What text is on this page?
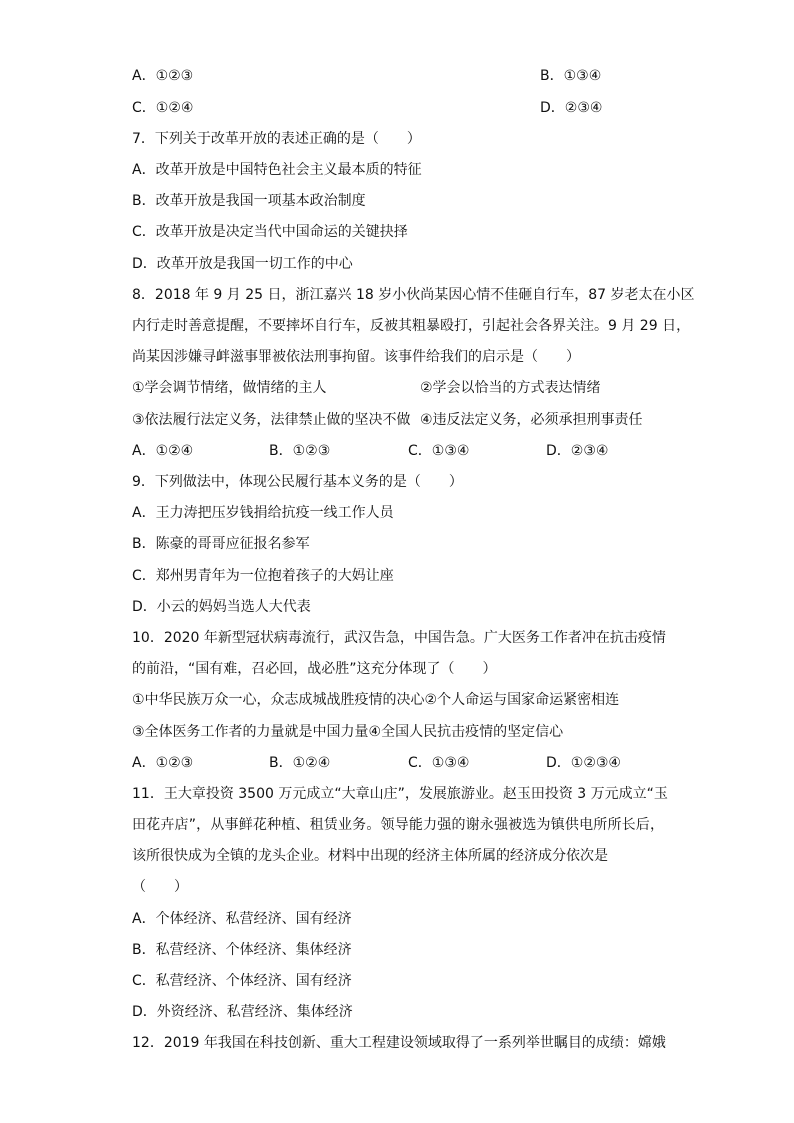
A．①②③	B．①③④
C．①②④	D．②③④
7．下列关于改革开放的表述正确的是（　　）
A．改革开放是中国特色社会主义最本质的特征
B．改革开放是我国一项基本政治制度
C．改革开放是决定当代中国命运的关键抉择
D．改革开放是我国一切工作的中心
8．2018 年 9 月 25 日，浙江嘉兴 18 岁小伙尚某因心情不佳砸自行车，87 岁老太在小区
内行走时善意提醒，不要摔坏自行车，反被其粗暴殴打，引起社会各界关注。9 月 29 日，
尚某因涉嫌寻衅滋事罪被依法刑事拘留。该事件给我们的启示是（　　）
①学会调节情绪，做情绪的主人	②学会以恰当的方式表达情绪
③依法履行法定义务，法律禁止做的坚决不做 ④违反法定义务，必须承担刑事责任
A．①②④	B．①②③	C．①③④	D．②③④
9．下列做法中，体现公民履行基本义务的是（　　）
A．王力涛把压岁钱捐给抗疫一线工作人员
B．陈豪的哥哥应征报名参军
C．郑州男青年为一位抱着孩子的大妈让座
D．小云的妈妈当选人大代表
10．2020 年新型冠状病毒流行，武汉告急，中国告急。广大医务工作者冲在抗击疫情
的前沿，“国有难，召必回，战必胜”这充分体现了（　　）
①中华民族万众一心，众志成城战胜疫情的决心②个人命运与国家命运紧密相连
③全体医务工作者的力量就是中国力量④全国人民抗击疫情的坚定信心
A．①②③	B．①②④	C．①③④	D．①②③④
11．王大章投资 3500 万元成立“大章山庄”，发展旅游业。赵玉田投资 3 万元成立“玉
田花卉店”，从事鲜花种植、租赁业务。领导能力强的谢永强被选为镇供电所所长后，
该所很快成为全镇的龙头企业。材料中出现的经济主体所属的经济成分依次是
（　　）
A．个体经济、私营经济、国有经济
B．私营经济、个体经济、集体经济
C．私营经济、个体经济、国有经济
D．外资经济、私营经济、集体经济
12．2019 年我国在科技创新、重大工程建设领域取得了一系列举世瞩目的成绩：嫦娥
